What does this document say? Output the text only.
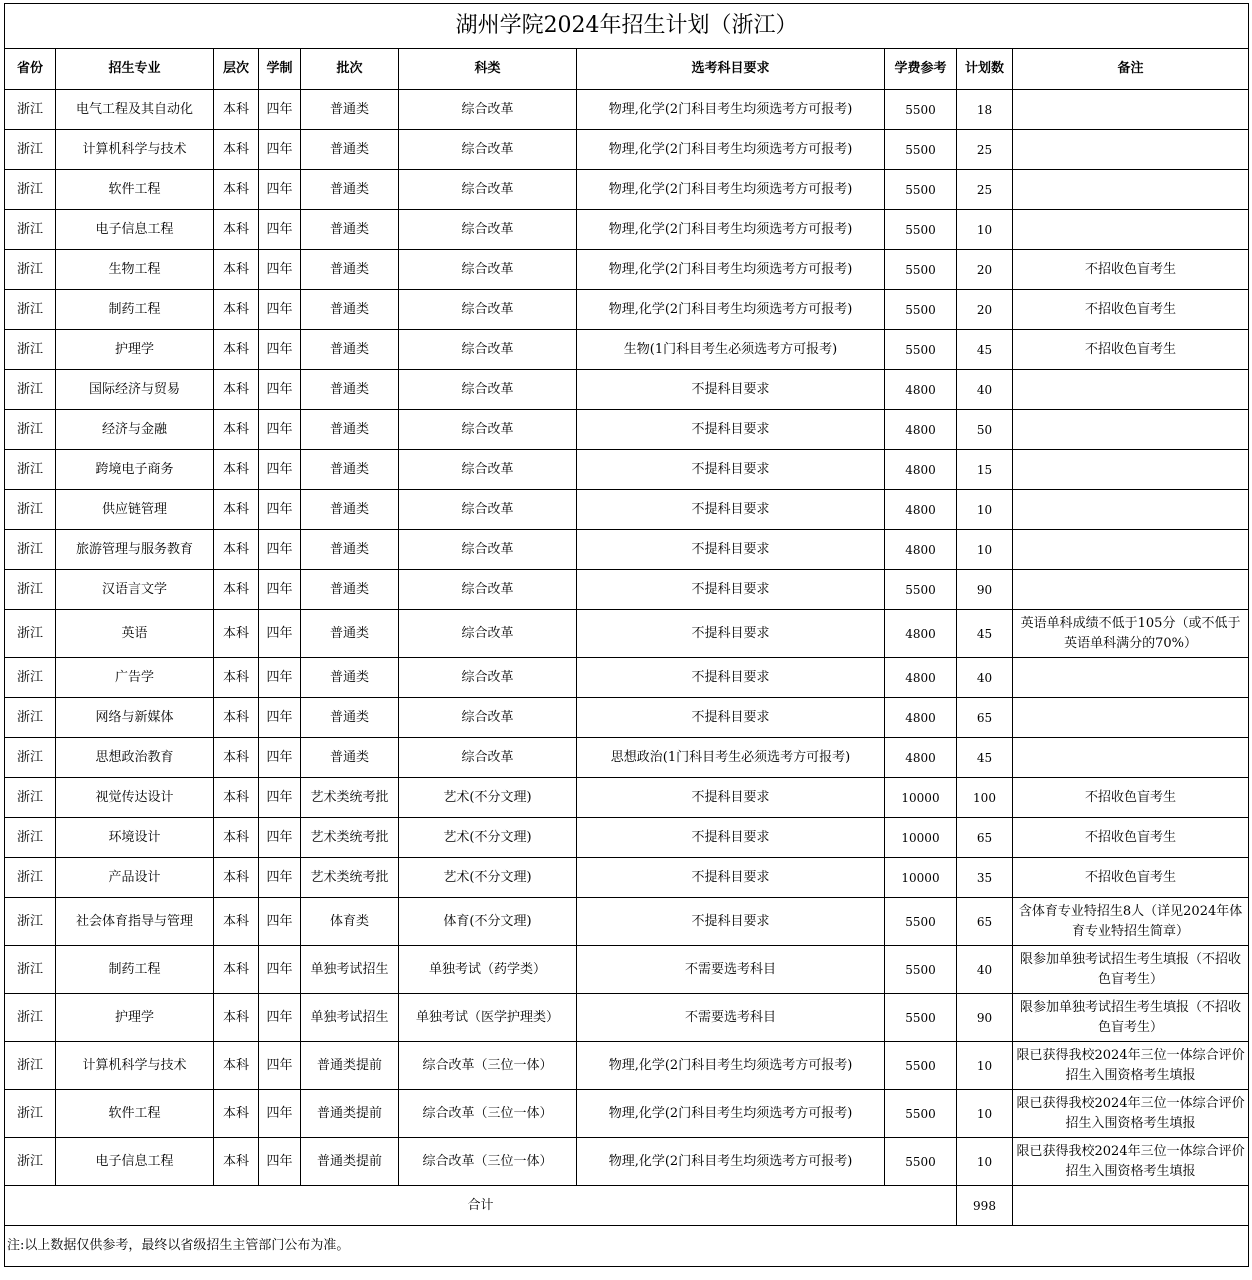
湖州学院2024年招生计划（浙江）									
省份	招生专业	层次	学制	批次	科类	选考科目要求	学费参考	计划数	备注
浙江	电气工程及其自动化	本科	四年	普通类	综合改革	物理,化学(2门科目考生均须选考方可报考)	5500	18	
浙江	计算机科学与技术	本科	四年	普通类	综合改革	物理,化学(2门科目考生均须选考方可报考)	5500	25	
浙江	软件工程	本科	四年	普通类	综合改革	物理,化学(2门科目考生均须选考方可报考)	5500	25	
浙江	电子信息工程	本科	四年	普通类	综合改革	物理,化学(2门科目考生均须选考方可报考)	5500	10	
浙江	生物工程	本科	四年	普通类	综合改革	物理,化学(2门科目考生均须选考方可报考)	5500	20	不招收色盲考生
浙江	制药工程	本科	四年	普通类	综合改革	物理,化学(2门科目考生均须选考方可报考)	5500	20	不招收色盲考生
浙江	护理学	本科	四年	普通类	综合改革	生物(1门科目考生必须选考方可报考)	5500	45	不招收色盲考生
浙江	国际经济与贸易	本科	四年	普通类	综合改革	不提科目要求	4800	40	
浙江	经济与金融	本科	四年	普通类	综合改革	不提科目要求	4800	50	
浙江	跨境电子商务	本科	四年	普通类	综合改革	不提科目要求	4800	15	
浙江	供应链管理	本科	四年	普通类	综合改革	不提科目要求	4800	10	
浙江	旅游管理与服务教育	本科	四年	普通类	综合改革	不提科目要求	4800	10	
浙江	汉语言文学	本科	四年	普通类	综合改革	不提科目要求	5500	90	
浙江	英语	本科	四年	普通类	综合改革	不提科目要求	4800	45	英语单科成绩不低于105分（或不低于英语单科满分的70%）
浙江	广告学	本科	四年	普通类	综合改革	不提科目要求	4800	40	
浙江	网络与新媒体	本科	四年	普通类	综合改革	不提科目要求	4800	65	
浙江	思想政治教育	本科	四年	普通类	综合改革	思想政治(1门科目考生必须选考方可报考)	4800	45	
浙江	视觉传达设计	本科	四年	艺术类统考批	艺术(不分文理)	不提科目要求	10000	100	不招收色盲考生
浙江	环境设计	本科	四年	艺术类统考批	艺术(不分文理)	不提科目要求	10000	65	不招收色盲考生
浙江	产品设计	本科	四年	艺术类统考批	艺术(不分文理)	不提科目要求	10000	35	不招收色盲考生
浙江	社会体育指导与管理	本科	四年	体育类	体育(不分文理)	不提科目要求	5500	65	含体育专业特招生8人（详见2024年体育专业特招生简章）
浙江	制药工程	本科	四年	单独考试招生	单独考试（药学类）	不需要选考科目	5500	40	限参加单独考试招生考生填报（不招收色盲考生）
浙江	护理学	本科	四年	单独考试招生	单独考试（医学护理类）	不需要选考科目	5500	90	限参加单独考试招生考生填报（不招收色盲考生）
浙江	计算机科学与技术	本科	四年	普通类提前	综合改革（三位一体）	物理,化学(2门科目考生均须选考方可报考)	5500	10	限已获得我校2024年三位一体综合评价招生入围资格考生填报
浙江	软件工程	本科	四年	普通类提前	综合改革（三位一体）	物理,化学(2门科目考生均须选考方可报考)	5500	10	限已获得我校2024年三位一体综合评价招生入围资格考生填报
浙江	电子信息工程	本科	四年	普通类提前	综合改革（三位一体）	物理,化学(2门科目考生均须选考方可报考)	5500	10	限已获得我校2024年三位一体综合评价招生入围资格考生填报
合计								998	
注:以上数据仅供参考，最终以省级招生主管部门公布为准。									
